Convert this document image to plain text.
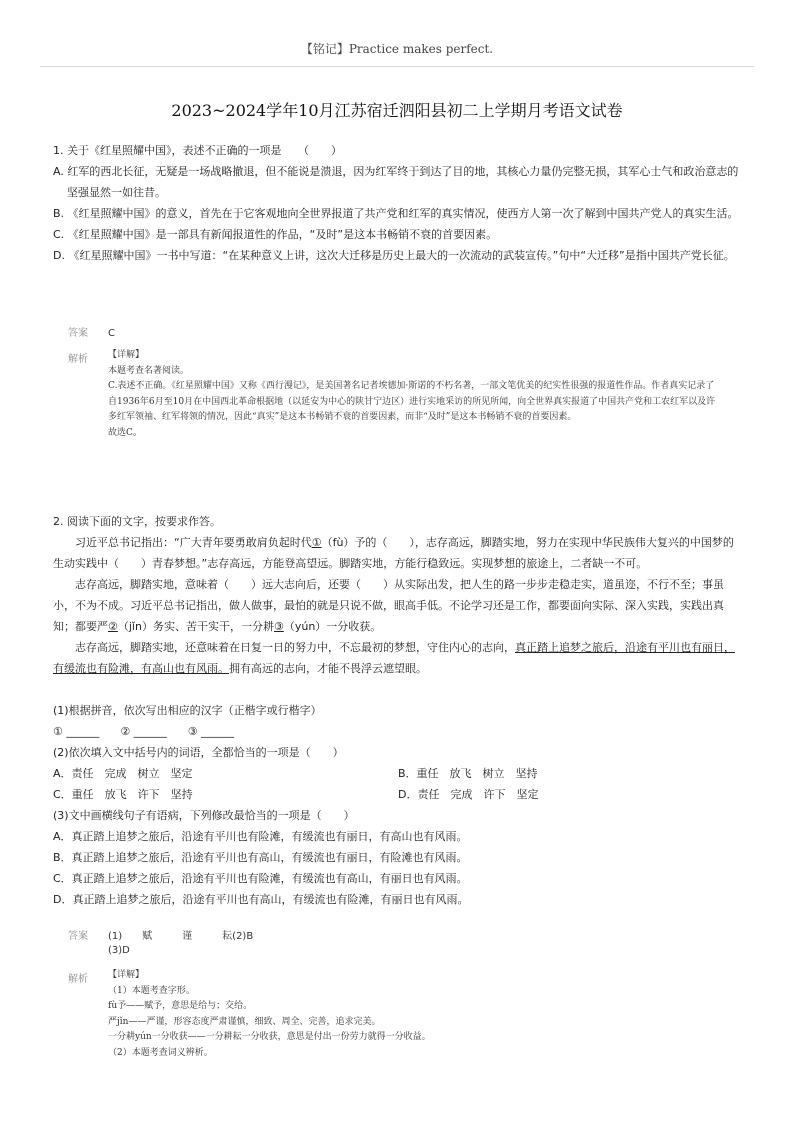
【铭记】Practice makes perfect.
2023~2024学年10月江苏宿迁泗阳县初二上学期月考语文试卷
1. 关于《红星照耀中国》，表述不正确的一项是　　（　　）
A. 红军的西北长征，无疑是一场战略撤退，但不能说是溃退，因为红军终于到达了目的地，其核心力量仍完整无损，其军心士气和政治意志的坚强显然一如往昔。
B. 《红星照耀中国》的意义，首先在于它客观地向全世界报道了共产党和红军的真实情况，使西方人第一次了解到中国共产党人的真实生活。
C. 《红星照耀中国》是一部具有新闻报道性的作品，“及时”是这本书畅销不衰的首要因素。
D. 《红星照耀中国》一书中写道：“在某种意义上讲，这次大迁移是历史上最大的一次流动的武装宣传。”句中“大迁移”是指中国共产党长征。
答案 C
解析 【详解】
本题考查名著阅读。
C.表述不正确。《红星照耀中国》又称《西行漫记》，是美国著名记者埃德加·斯诺的不朽名著，一部文笔优美的纪实性很强的报道性作品。作者真实记录了自1936年6月至10月在中国西北革命根据地（以延安为中心的陕甘宁边区）进行实地采访的所见所闻，向全世界真实报道了中国共产党和工农红军以及许多红军领袖、红军将领的情况，因此“真实”是这本书畅销不衰的首要因素，而非“及时”是这本书畅销不衰的首要因素。
故选C。
2. 阅读下面的文字，按要求作答。
习近平总书记指出：“广大青年要勇敢肩负起时代①（fù）予的（　　），志存高远，脚踏实地，努力在实现中华民族伟大复兴的中国梦的生动实践中（　　）青春梦想。”志存高远，方能登高望远。脚踏实地，方能行稳致远。实现梦想的旅途上，二者缺一不可。
志存高远，脚踏实地，意味着（　　）远大志向后，还要（　　）从实际出发，把人生的路一步步走稳走实，道虽迩，不行不至；事虽小，不为不成。习近平总书记指出，做人做事，最怕的就是只说不做，眼高手低。不论学习还是工作，都要面向实际、深入实践，实践出真知；都要严②（jǐn）务实、苦干实干，一分耕③（yún）一分收获。
志存高远，脚踏实地，还意味着在日复一日的努力中，不忘最初的梦想，守住内心的志向，真正踏上追梦之旅后，沿途有平川也有丽日，有缓流也有险滩，有高山也有风雨。拥有高远的志向，才能不畏浮云遮望眼。
(1)根据拼音，依次写出相应的汉字（正楷字或行楷字）
① ______ ② ______ ③ ______
(2)依次填入文中括号内的词语，全都恰当的一项是（　　）
A．责任　完成　树立　坚定	B．重任　放飞　树立　坚持
C．重任　放飞　许下　坚持	D．责任　完成　许下　坚定
(3)文中画横线句子有语病，下列修改最恰当的一项是（　　）
A．真正踏上追梦之旅后，沿途有平川也有险滩，有缓流也有丽日，有高山也有风雨。
B．真正踏上追梦之旅后，沿途有平川也有高山，有缓流也有丽日，有险滩也有风雨。
C．真正踏上追梦之旅后，沿途有平川也有险滩，有缓流也有高山，有丽日也有风雨。
D．真正踏上追梦之旅后，沿途有平川也有高山，有缓流也有险滩，有丽日也有风雨。
答案 (1)　　赋　　　谨　　　耘(2)B
(3)D
解析 【详解】
（1）本题考查字形。
fù予——赋予，意思是给与；交给。
严jǐn——严谨，形容态度严肃谨慎，细致、周全、完善，追求完美。
一分耕yún一分收获——一分耕耘一分收获，意思是付出一份劳力就得一分收益。
（2）本题考查词义辨析。
